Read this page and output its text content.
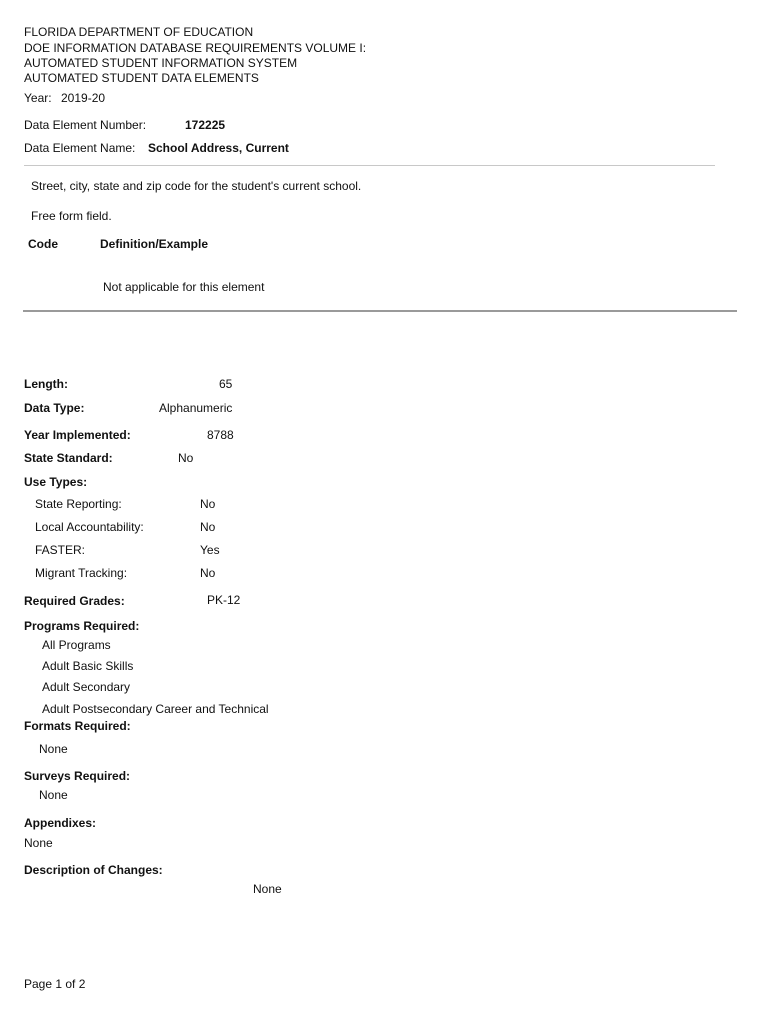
FLORIDA DEPARTMENT OF EDUCATION
DOE INFORMATION DATABASE REQUIREMENTS VOLUME I:
AUTOMATED STUDENT INFORMATION SYSTEM
AUTOMATED STUDENT DATA ELEMENTS
Year: 2019-20
Data Element Number:	172225
Data Element Name: School Address, Current
Street, city, state and zip code for the student's current school.
Free form field.
Code	Definition/Example
Not applicable for this element
Length:	65
Data Type:	Alphanumeric
Year Implemented:	8788
State Standard:	No
Use Types:
State Reporting:	No
Local Accountability:	No
FASTER:	Yes
Migrant Tracking:	No
Required Grades:	PK-12
Programs Required:
All Programs
Adult Basic Skills
Adult Secondary
Adult Postsecondary Career and Technical
Formats Required:
None
Surveys Required:
None
Appendixes:
None
Description of Changes:
None
Page 1 of 2
